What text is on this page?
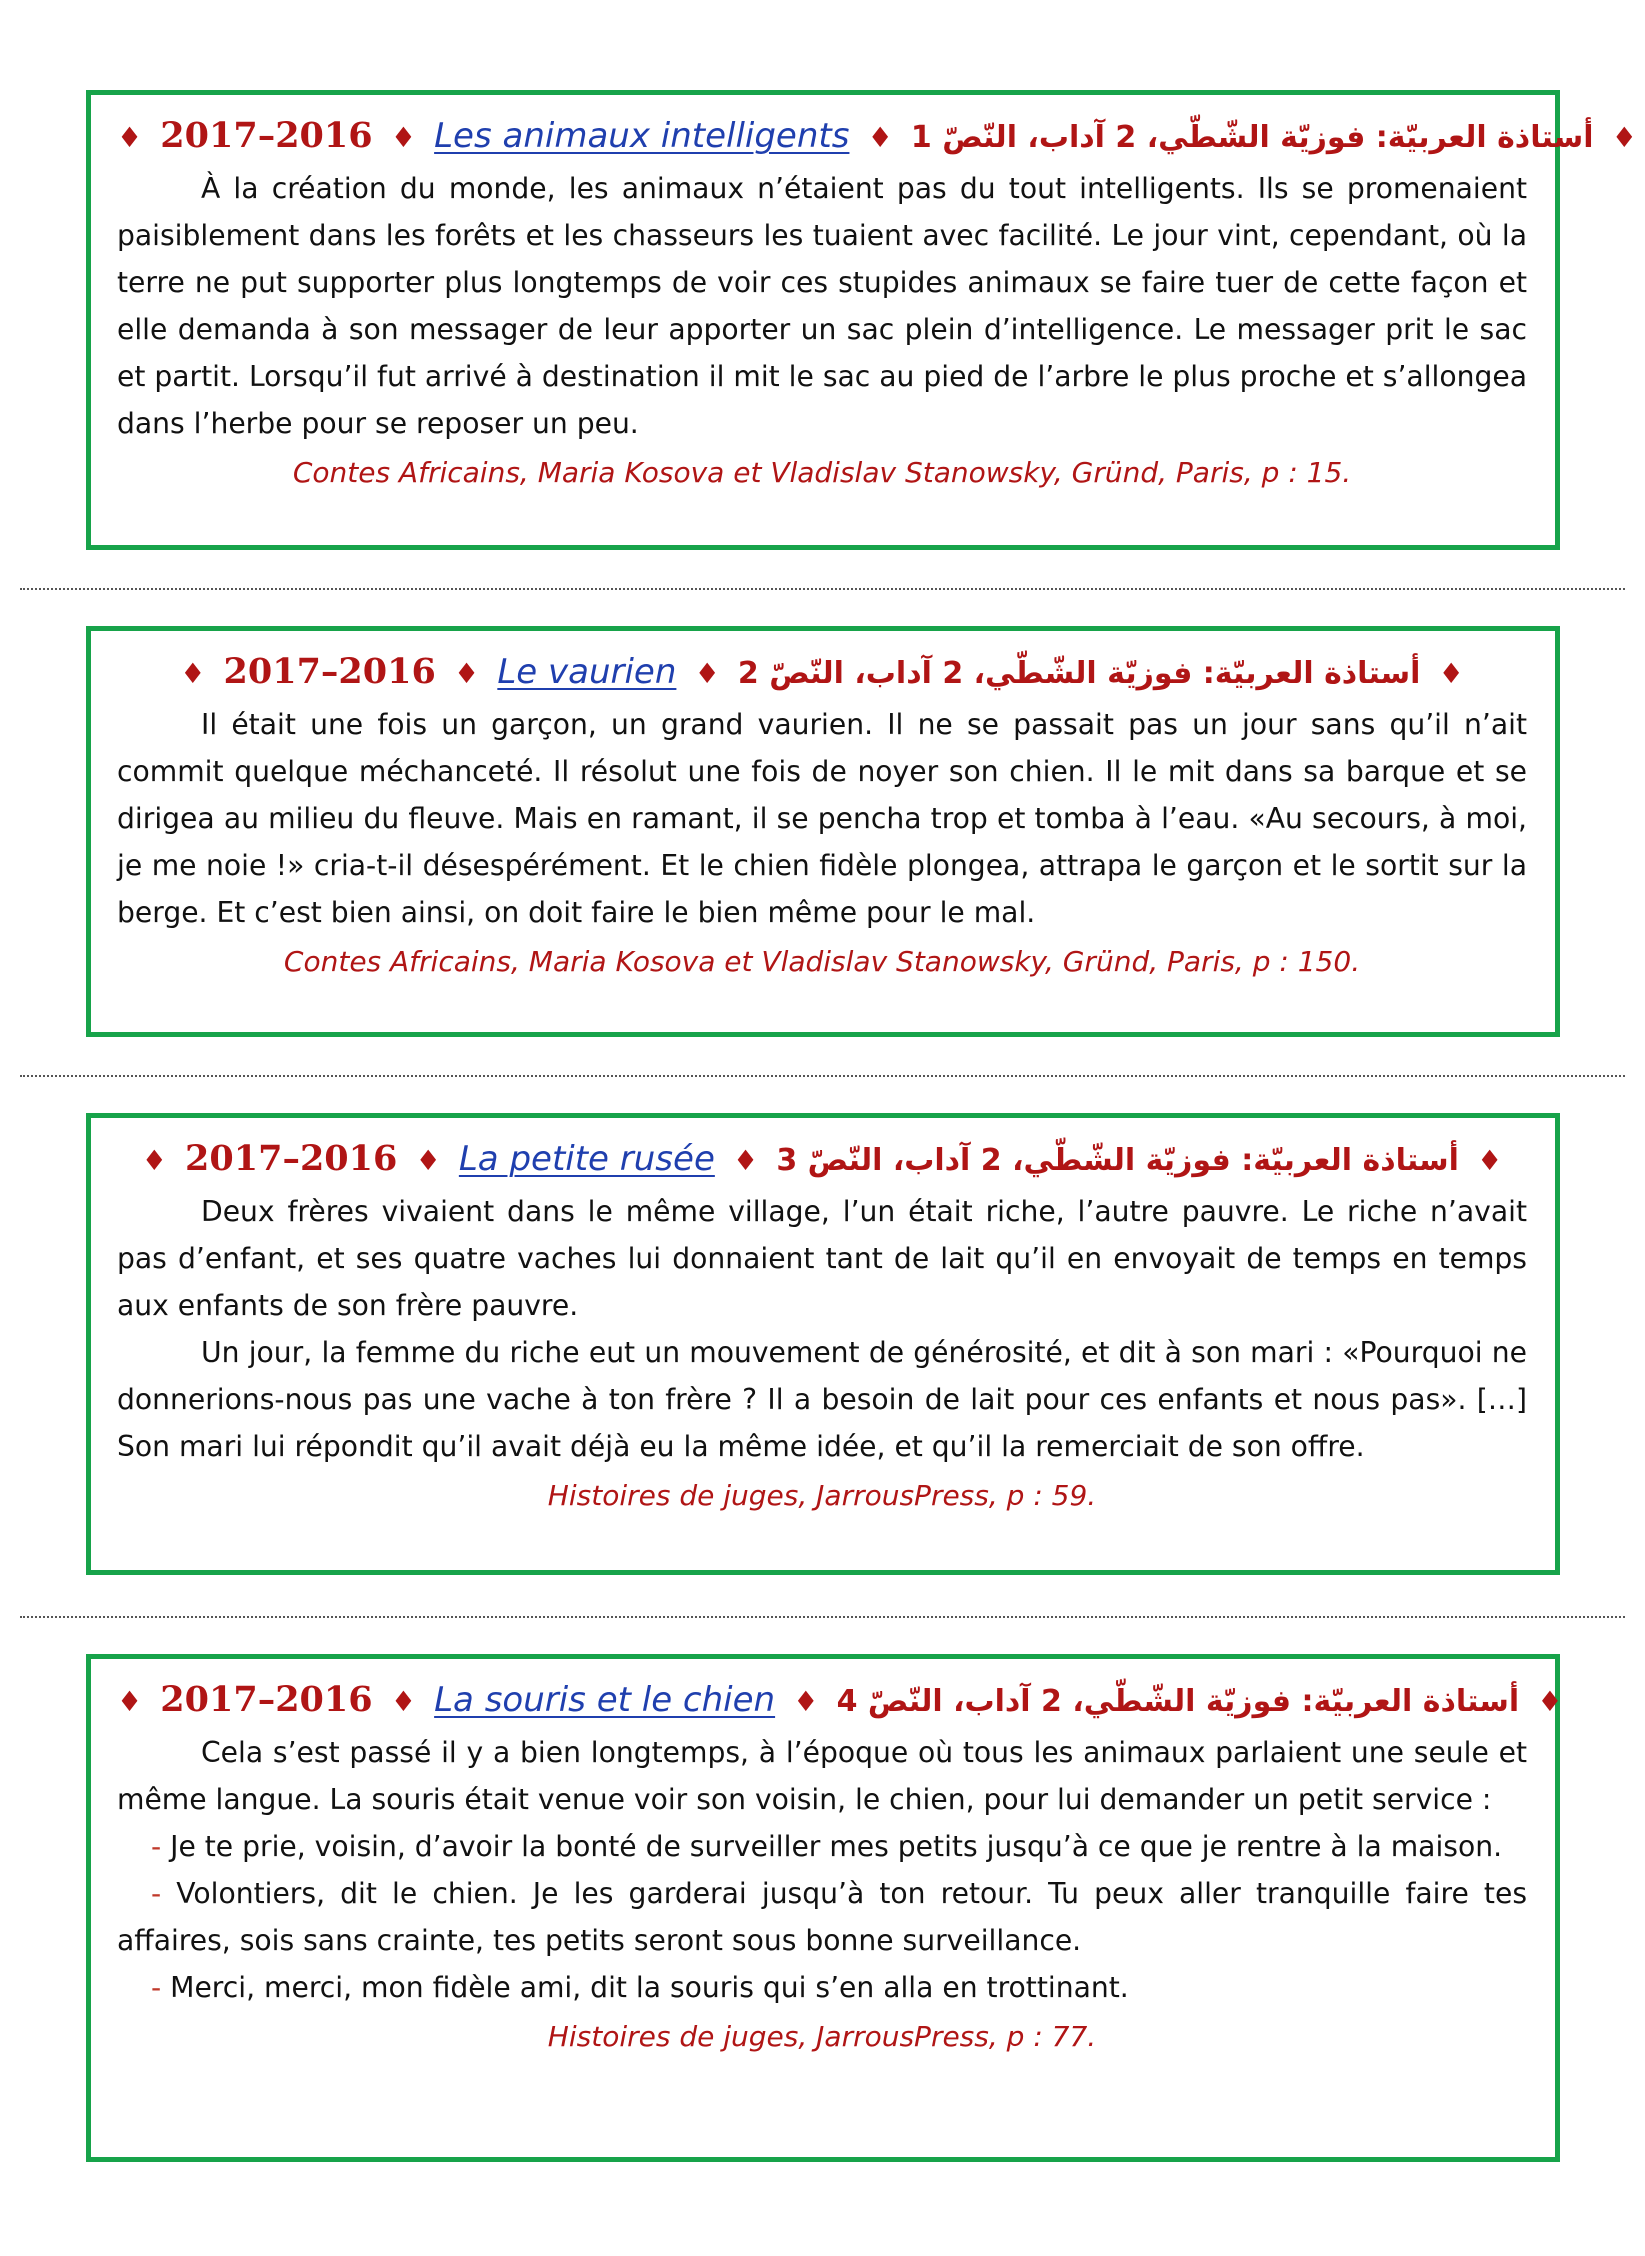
♦ 2017–2016 ♦ Les animaux intelligents ♦ أستاذة العربيّة: فوزيّة الشّطّي، 2 آداب، النّصّ 1	♦

À la création du monde, les animaux n’étaient pas du tout intelligents. Ils se promenaient paisiblement dans les forêts et les chasseurs les tuaient avec facilité. Le jour vint, cependant, où la terre ne put supporter plus longtemps de voir ces stupides animaux se faire tuer de cette façon et elle demanda à son messager de leur apporter un sac plein d’intelligence. Le messager prit le sac et partit. Lorsqu’il fut arrivé à destination il mit le sac au pied de l’arbre le plus proche et s’allongea dans l’herbe pour se reposer un peu.

Contes Africains, Maria Kosova et Vladislav Stanowsky, Gründ, Paris, p : 15.

♦ 2017–2016 ♦ Le vaurien ♦ أستاذة العربيّة: فوزيّة الشّطّي، 2 آداب، النّصّ 2	♦

Il était une fois un garçon, un grand vaurien. Il ne se passait pas un jour sans qu’il n’ait commit quelque méchanceté. Il résolut une fois de noyer son chien. Il le mit dans sa barque et se dirigea au milieu du fleuve. Mais en ramant, il se pencha trop et tomba à l’eau. «Au secours, à moi, je me noie !» cria-t-il désespérément. Et le chien fidèle plongea, attrapa le garçon et le sortit sur la berge. Et c’est bien ainsi, on doit faire le bien même pour le mal.

Contes Africains, Maria Kosova et Vladislav Stanowsky, Gründ, Paris, p : 150.

♦ 2017–2016 ♦ La petite rusée ♦ أستاذة العربيّة: فوزيّة الشّطّي، 2 آداب، النّصّ 3	♦

Deux frères vivaient dans le même village, l’un était riche, l’autre pauvre. Le riche n’avait pas d’enfant, et ses quatre vaches lui donnaient tant de lait qu’il en envoyait de temps en temps aux enfants de son frère pauvre.

Un jour, la femme du riche eut un mouvement de générosité, et dit à son mari : «Pourquoi ne donnerions-nous pas une vache à ton frère ? Il a besoin de lait pour ces enfants et nous pas». […] Son mari lui répondit qu’il avait déjà eu la même idée, et qu’il la remerciait de son offre.

Histoires de juges, JarrousPress, p : 59.

♦ 2017–2016 ♦ La souris et le chien ♦ أستاذة العربيّة: فوزيّة الشّطّي، 2 آداب، النّصّ 4	♦

Cela s’est passé il y a bien longtemps, à l’époque où tous les animaux parlaient une seule et même langue. La souris était venue voir son voisin, le chien, pour lui demander un petit service :

- Je te prie, voisin, d’avoir la bonté de surveiller mes petits jusqu’à ce que je rentre à la maison.

- Volontiers, dit le chien. Je les garderai jusqu’à ton retour. Tu peux aller tranquille faire tes affaires, sois sans crainte, tes petits seront sous bonne surveillance.

- Merci, merci, mon fidèle ami, dit la souris qui s’en alla en trottinant.

Histoires de juges, JarrousPress, p : 77.
